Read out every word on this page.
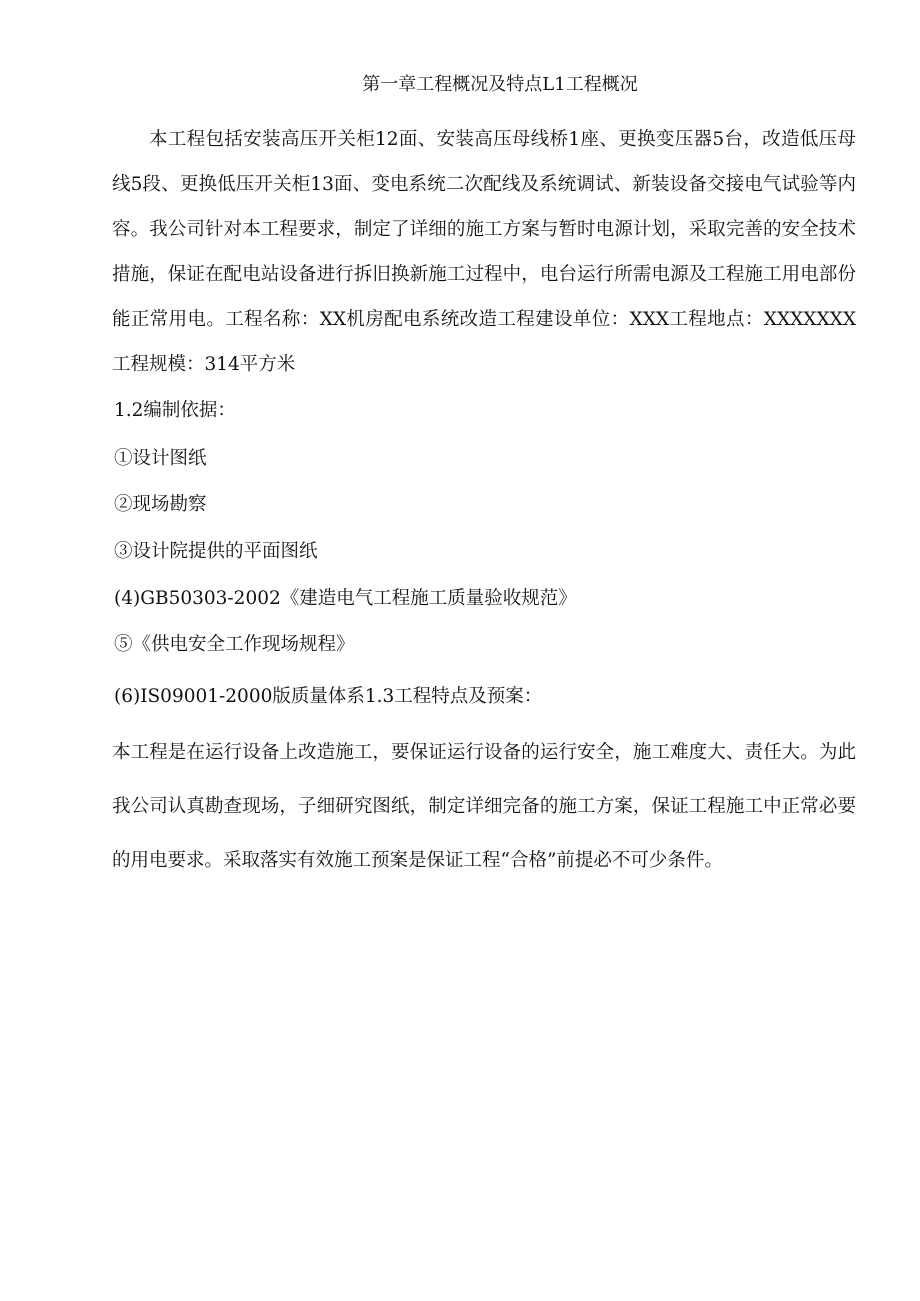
第一章工程概况及特点L1工程概况
本工程包括安装高压开关柜12面、安装高压母线桥1座、更换变压器5台，改造低压母线5段、更换低压开关柜13面、变电系统二次配线及系统调试、新装设备交接电气试验等内容。我公司针对本工程要求，制定了详细的施工方案与暂时电源计划，采取完善的安全技术措施，保证在配电站设备进行拆旧换新施工过程中，电台运行所需电源及工程施工用电部份能正常用电。工程名称：XX机房配电系统改造工程建设单位：XXX工程地点：XXXXXXX工程规模：314平方米
1.2编制依据：
①设计图纸
②现场勘察
③设计院提供的平面图纸
(4)GB50303-2002《建造电气工程施工质量验收规范》
⑤《供电安全工作现场规程》
(6)IS09001-2000版质量体系1.3工程特点及预案：
本工程是在运行设备上改造施工，要保证运行设备的运行安全，施工难度大、责任大。为此我公司认真勘查现场，子细研究图纸，制定详细完备的施工方案，保证工程施工中正常必要的用电要求。采取落实有效施工预案是保证工程“合格”前提必不可少条件。
